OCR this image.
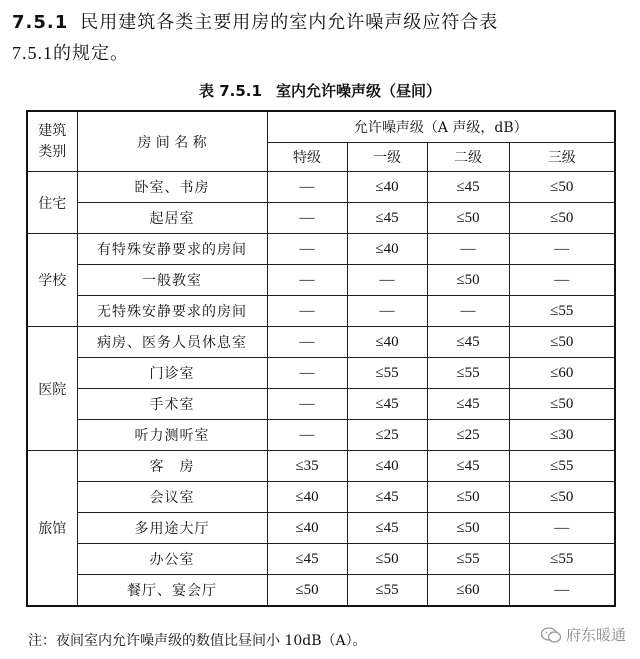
7.5.1 民用建筑各类主要用房的室内允许噪声级应符合表
7.5.1的规定。
表 7.5.1 室内允许噪声级（昼间）
建筑
类别	房 间 名 称	允许噪声级（A 声级，dB）			
		特级	一级	二级	三级
住宅	卧室、书房	—	≤40	≤45	≤50
	起居室	—	≤45	≤50	≤50
学校	有特殊安静要求的房间	—	≤40	—	—
	一般教室	—	—	≤50	—
	无特殊安静要求的房间	—	—	—	≤55
医院	病房、医务人员休息室	—	≤40	≤45	≤50
	门诊室	—	≤55	≤55	≤60
	手术室	—	≤45	≤45	≤50
	听力测听室	—	≤25	≤25	≤30
旅馆	客　房	≤35	≤40	≤45	≤55
	会议室	≤40	≤45	≤50	≤50
	多用途大厅	≤40	≤45	≤50	—
	办公室	≤45	≤50	≤55	≤55
	餐厅、宴会厅	≤50	≤55	≤60	—
注：夜间室内允许噪声级的数值比昼间小 10dB（A）。	府东暖通
